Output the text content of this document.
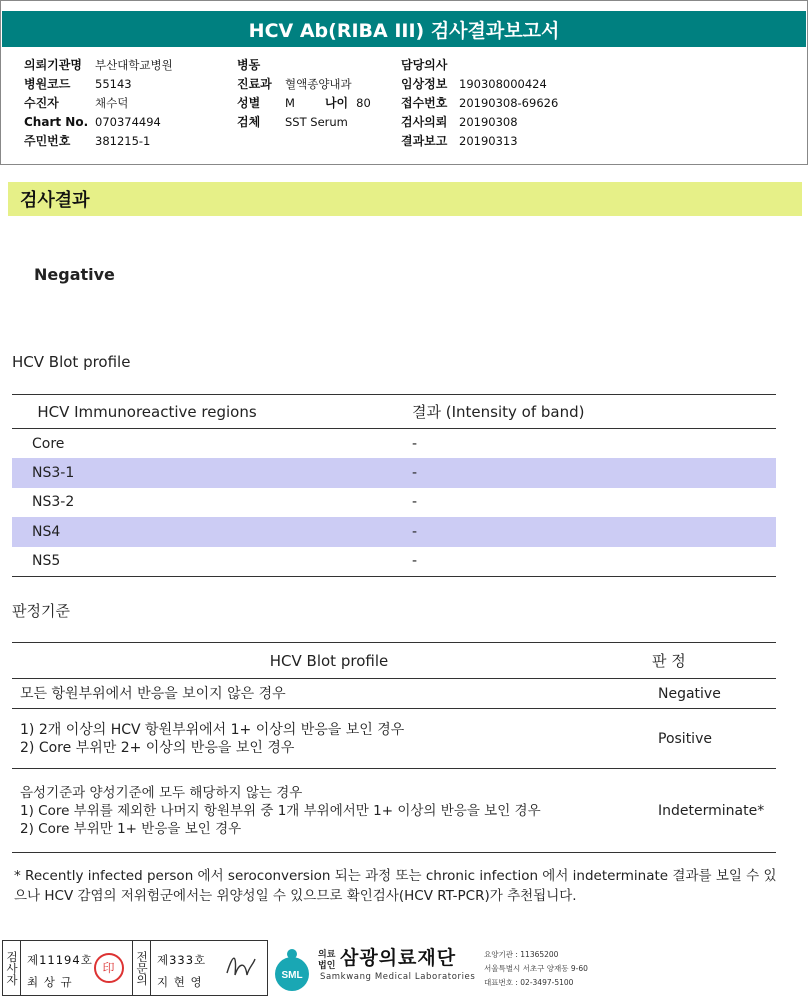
HCV Ab(RIBA III) 검사결과보고서
의뢰기관명	부산대학교병원
병원코드	55143
수진자	채수덕
Chart No. 070374494
주민번호	381215-1
병동
진료과	혈액종양내과
성별	M	나이 80
검체	SST Serum
담당의사
임상정보	190308000424
접수번호	20190308-69626
검사의뢰	20190308
결과보고	20190313
검사결과
Negative
HCV Blot profile
HCV Immunoreactive regions	결과 (Intensity of band)
Core	-
NS3-1	-
NS3-2	-
NS4	-
NS5	-
판정기준
HCV Blot profile	판 정

모든 항원부위에서 반응을 보이지 않은 경우	Negative

1) 2개 이상의 HCV 항원부위에서 1+ 이상의 반응을 보인 경우
2) Core 부위만 2+ 이상의 반응을 보인 경우	Positive

음성기준과 양성기준에 모두 해당하지 않는 경우
1) Core 부위를 제외한 나머지 항원부위 중 1개 부위에서만 1+ 이상의 반응을 보인 경우
2) Core 부위만 1+ 반응을 보인 경우	Indeterminate*
* Recently infected person 에서 seroconversion 되는 과정 또는 chronic infection 에서 indeterminate 결과를 보일 수 있으나 HCV 감염의 저위험군에서는 위양성일 수 있으므로 확인검사(HCV RT-PCR)가 추천됩니다.
검사자 제11194호
최 상 규
印	전문의 제333호
지 현 영	SML
의료
법인 삼광의료재단
Samkwang Medical Laboratories
요양기관 : 11365200
서울특별시 서초구 양재동 9-60
대표번호 : 02-3497-5100
